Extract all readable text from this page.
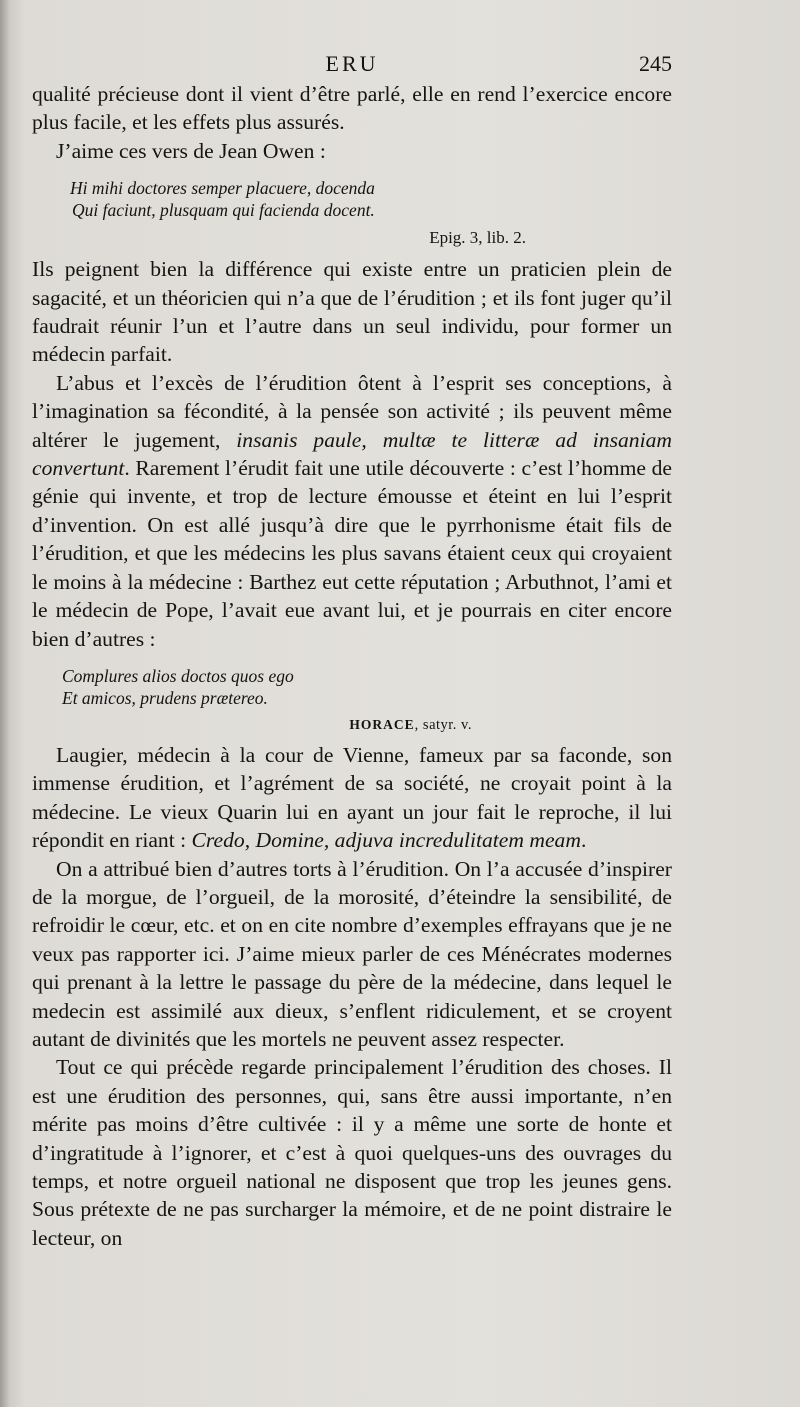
ERU	245

qualité précieuse dont il vient d’être parlé, elle en rend l’exercice encore plus facile, et les effets plus assurés.

J’aime ces vers de Jean Owen :

Hi mihi doctores semper placuere, docenda
Qui faciunt, plusquam qui facienda docent.
Epig. 3, lib. 2.

Ils peignent bien la différence qui existe entre un praticien plein de sagacité, et un théoricien qui n’a que de l’érudition ; et ils font juger qu’il faudrait réunir l’un et l’autre dans un seul individu, pour former un médecin parfait.

L’abus et l’excès de l’érudition ôtent à l’esprit ses conceptions, à l’imagination sa fécondité, à la pensée son activité ; ils peuvent même altérer le jugement, insanis paule, multæ te litteræ ad insaniam convertunt. Rarement l’érudit fait une utile découverte : c’est l’homme de génie qui invente, et trop de lecture émousse et éteint en lui l’esprit d’invention. On est allé jusqu’à dire que le pyrrhonisme était fils de l’érudition, et que les médecins les plus savans étaient ceux qui croyaient le moins à la médecine : Barthez eut cette réputation ; Arbuthnot, l’ami et le médecin de Pope, l’avait eue avant lui, et je pourrais en citer encore bien d’autres :

Complures alios doctos quos ego
Et amicos, prudens prætereo.
HORACE, satyr. v.

Laugier, médecin à la cour de Vienne, fameux par sa faconde, son immense érudition, et l’agrément de sa société, ne croyait point à la médecine. Le vieux Quarin lui en ayant un jour fait le reproche, il lui répondit en riant : Credo, Domine, adjuva incredulitatem meam.

On a attribué bien d’autres torts à l’érudition. On l’a accusée d’inspirer de la morgue, de l’orgueil, de la morosité, d’éteindre la sensibilité, de refroidir le cœur, etc. et on en cite nombre d’exemples effrayans que je ne veux pas rapporter ici. J’aime mieux parler de ces Ménécrates modernes qui prenant à la lettre le passage du père de la médecine, dans lequel le medecin est assimilé aux dieux, s’enflent ridiculement, et se croyent autant de divinités que les mortels ne peuvent assez respecter.

Tout ce qui précède regarde principalement l’érudition des choses. Il est une érudition des personnes, qui, sans être aussi importante, n’en mérite pas moins d’être cultivée : il y a même une sorte de honte et d’ingratitude à l’ignorer, et c’est à quoi quelques-uns des ouvrages du temps, et notre orgueil national ne disposent que trop les jeunes gens. Sous prétexte de ne pas surcharger la mémoire, et de ne point distraire le lecteur, on
